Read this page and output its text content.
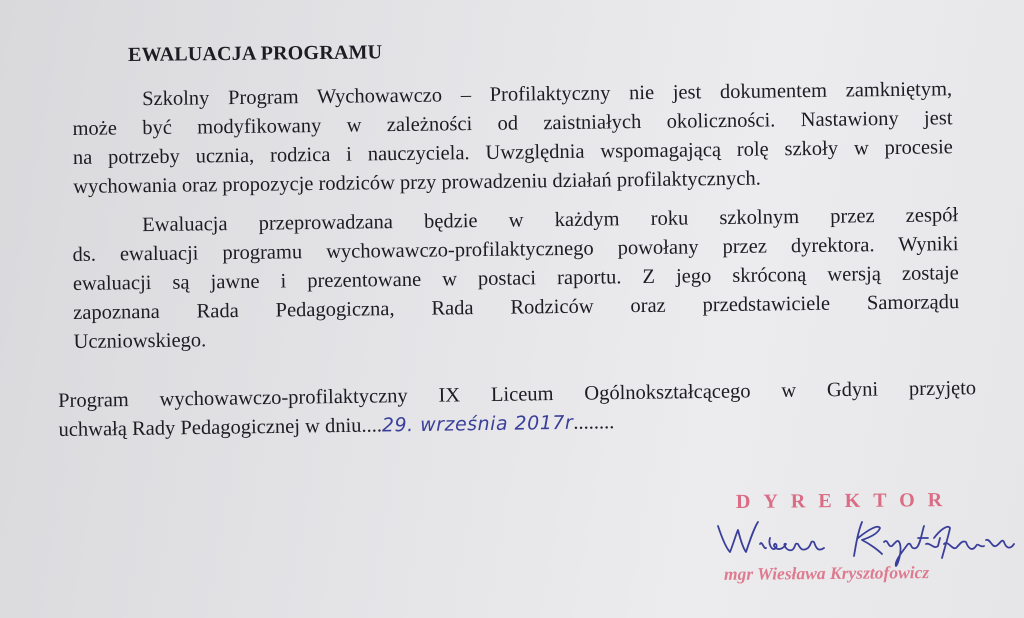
EWALUACJA PROGRAMU
Szkolny Program Wychowawczo – Profilaktyczny nie jest dokumentem zamkniętym,
może być modyfikowany w zależności od zaistniałych okoliczności. Nastawiony jest
na potrzeby ucznia, rodzica i nauczyciela. Uwzględnia wspomagającą rolę szkoły w procesie
wychowania oraz propozycje rodziców przy prowadzeniu działań profilaktycznych.
Ewaluacja przeprowadzana będzie w każdym roku szkolnym przez zespół
ds. ewaluacji programu wychowawczo-profilaktycznego powołany przez dyrektora. Wyniki
ewaluacji są jawne i prezentowane w postaci raportu. Z jego skróconą wersją zostaje
zapoznana Rada Pedagogiczna, Rada Rodziców oraz przedstawiciele Samorządu
Uczniowskiego.
Program wychowawczo-profilaktyczny IX Liceum Ogólnokształcącego w Gdyni przyjęto
uchwałą Rady Pedagogicznej w dniu....29. września 2017r........
DYREKTOR
mgr Wiesława Krysztofowicz
